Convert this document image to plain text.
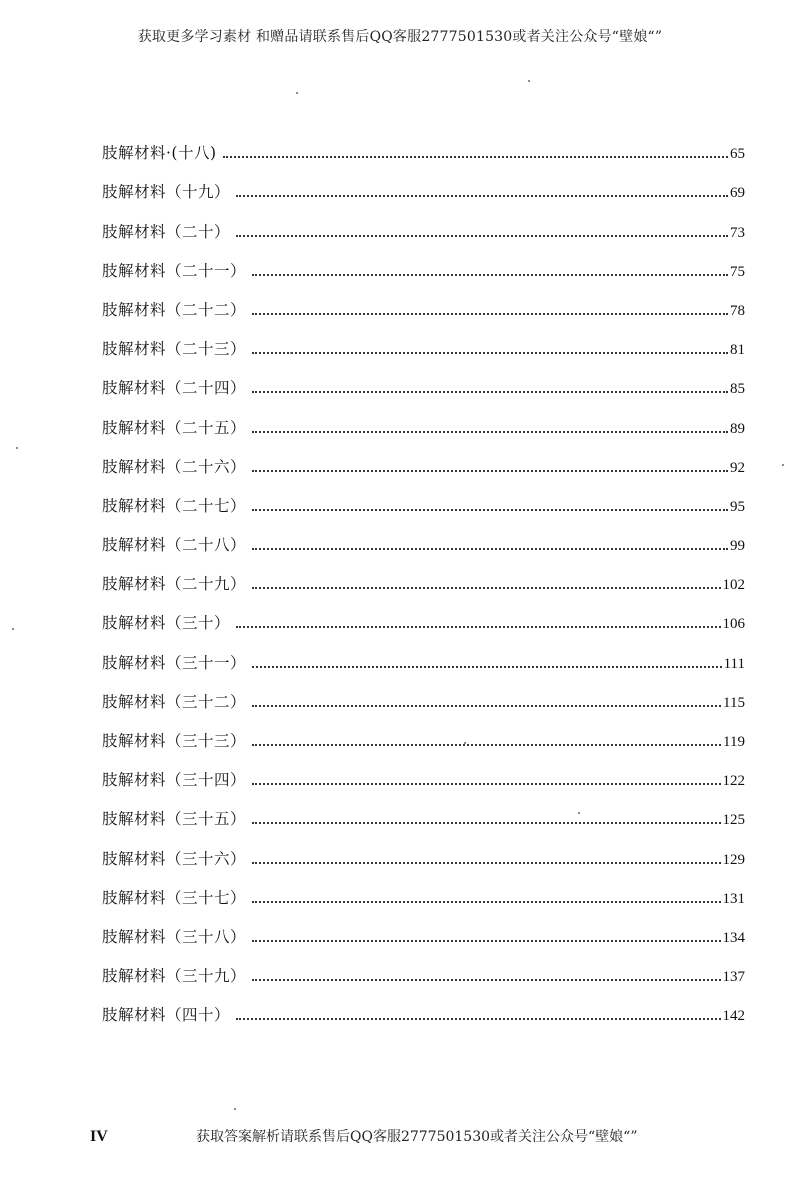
获取更多学习素材 和赠品请联系售后QQ客服2777501530或者关注公众号“壁娘“”
肢解材料·(十八)	65
肢解材料（十九）	69
肢解材料（二十）	73
肢解材料（二十一）	75
肢解材料（二十二）	78
肢解材料（二十三）	81
肢解材料（二十四）	85
肢解材料（二十五）	89
肢解材料（二十六）	92
肢解材料（二十七）	95
肢解材料（二十八）	99
肢解材料（二十九）	102
肢解材料（三十）	106
肢解材料（三十一）	111
肢解材料（三十二）	115
肢解材料（三十三）	119
肢解材料（三十四）	122
肢解材料（三十五）	125
肢解材料（三十六）	129
肢解材料（三十七）	131
肢解材料（三十八）	134
肢解材料（三十九）	137
肢解材料（四十）	142
IV	获取答案解析请联系售后QQ客服2777501530或者关注公众号“壁娘“”
